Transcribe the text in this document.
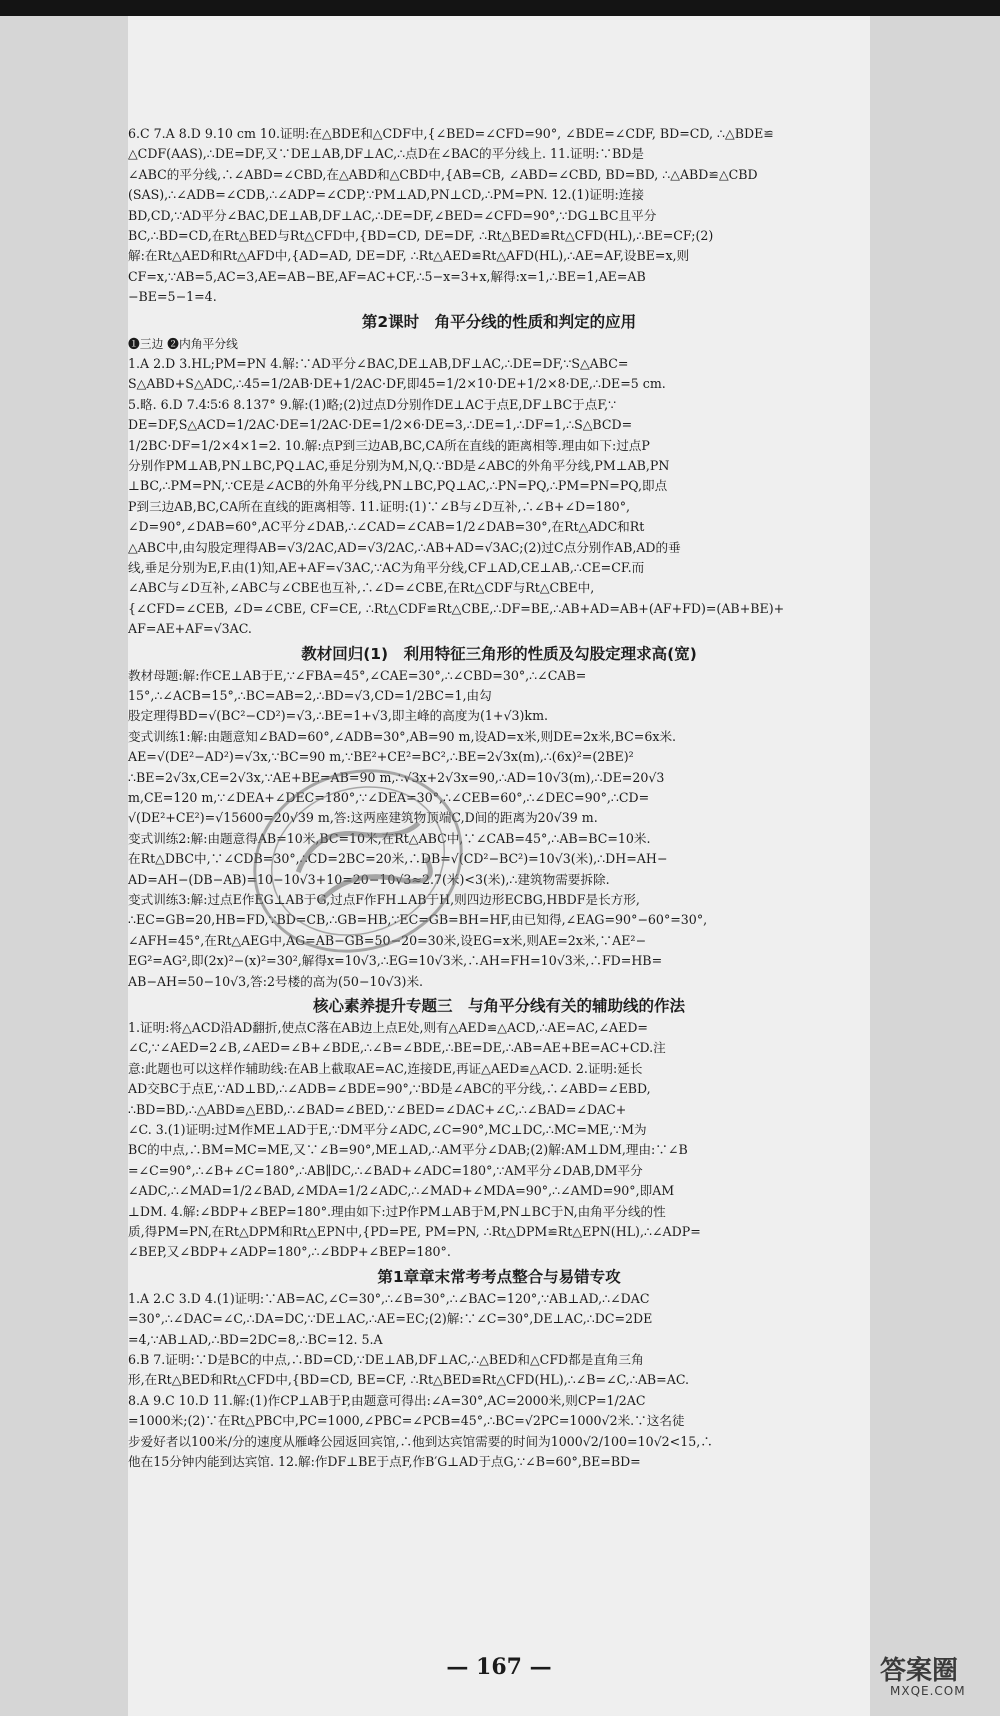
6.C 7.A 8.D 9.10 cm 10.证明:在△BDE和△CDF中,{∠BED=∠CFD=90°, ∠BDE=∠CDF, BD=CD, ∴△BDE≌
△CDF(AAS),∴DE=DF,又∵DE⊥AB,DF⊥AC,∴点D在∠BAC的平分线上. 11.证明:∵BD是
∠ABC的平分线,∴∠ABD=∠CBD,在△ABD和△CBD中,{AB=CB, ∠ABD=∠CBD, BD=BD, ∴△ABD≌△CBD
(SAS),∴∠ADB=∠CDB,∴∠ADP=∠CDP,∵PM⊥AD,PN⊥CD,∴PM=PN. 12.(1)证明:连接
BD,CD,∵AD平分∠BAC,DE⊥AB,DF⊥AC,∴DE=DF,∠BED=∠CFD=90°,∵DG⊥BC且平分
BC,∴BD=CD,在Rt△BED与Rt△CFD中,{BD=CD, DE=DF, ∴Rt△BED≌Rt△CFD(HL),∴BE=CF;(2)
解:在Rt△AED和Rt△AFD中,{AD=AD, DE=DF, ∴Rt△AED≌Rt△AFD(HL),∴AE=AF,设BE=x,则
CF=x,∵AB=5,AC=3,AE=AB−BE,AF=AC+CF,∴5−x=3+x,解得:x=1,∴BE=1,AE=AB
−BE=5−1=4.
第2课时　角平分线的性质和判定的应用
❶三边 ❷内角平分线
1.A 2.D 3.HL;PM=PN 4.解:∵AD平分∠BAC,DE⊥AB,DF⊥AC,∴DE=DF,∵S△ABC=
S△ABD+S△ADC,∴45=1/2AB·DE+1/2AC·DF,即45=1/2×10·DE+1/2×8·DE,∴DE=5 cm.
5.略. 6.D 7.4∶5∶6 8.137° 9.解:(1)略;(2)过点D分别作DE⊥AC于点E,DF⊥BC于点F,∵
DE=DF,S△ACD=1/2AC·DE=1/2AC·DE=1/2×6·DE=3,∴DE=1,∴DF=1,∴S△BCD=
1/2BC·DF=1/2×4×1=2. 10.解:点P到三边AB,BC,CA所在直线的距离相等.理由如下:过点P
分别作PM⊥AB,PN⊥BC,PQ⊥AC,垂足分别为M,N,Q.∵BD是∠ABC的外角平分线,PM⊥AB,PN
⊥BC,∴PM=PN,∵CE是∠ACB的外角平分线,PN⊥BC,PQ⊥AC,∴PN=PQ,∴PM=PN=PQ,即点
P到三边AB,BC,CA所在直线的距离相等. 11.证明:(1)∵∠B与∠D互补,∴∠B+∠D=180°,
∠D=90°,∠DAB=60°,AC平分∠DAB,∴∠CAD=∠CAB=1/2∠DAB=30°,在Rt△ADC和Rt
△ABC中,由勾股定理得AB=√3/2AC,AD=√3/2AC,∴AB+AD=√3AC;(2)过C点分别作AB,AD的垂
线,垂足分别为E,F.由(1)知,AE+AF=√3AC,∵AC为角平分线,CF⊥AD,CE⊥AB,∴CE=CF.而
∠ABC与∠D互补,∠ABC与∠CBE也互补,∴∠D=∠CBE,在Rt△CDF与Rt△CBE中,
{∠CFD=∠CEB, ∠D=∠CBE, CF=CE, ∴Rt△CDF≌Rt△CBE,∴DF=BE,∴AB+AD=AB+(AF+FD)=(AB+BE)+
AF=AE+AF=√3AC.
教材回归(1)　利用特征三角形的性质及勾股定理求高(宽)
教材母题:解:作CE⊥AB于E,∵∠FBA=45°,∠CAE=30°,∴∠CBD=30°,∴∠CAB=
15°,∴∠ACB=15°,∴BC=AB=2,∴BD=√3,CD=1/2BC=1,由勾
股定理得BD=√(BC²−CD²)=√3,∴BE=1+√3,即主峰的高度为(1+√3)km.
变式训练1:解:由题意知∠BAD=60°,∠ADB=30°,AB=90 m,设AD=x米,则DE=2x米,BC=6x米.
AE=√(DE²−AD²)=√3x,∵BC=90 m,∵BE²+CE²=BC²,∴BE=2√3x(m),∴(6x)²=(2BE)²
∴BE=2√3x,CE=2√3x,∵AE+BE=AB=90 m,∴√3x+2√3x=90,∴AD=10√3(m),∴DE=20√3
m,CE=120 m,∵∠DEA+∠DEC=180°,∵∠DEA=30°,∴∠CEB=60°,∴∠DEC=90°,∴CD=
√(DE²+CE²)=√15600=20√39 m,答:这两座建筑物顶端C,D间的距离为20√39 m.
变式训练2:解:由题意得AB=10米,BC=10米,在Rt△ABC中,∵∠CAB=45°,∴AB=BC=10米.
在Rt△DBC中,∵∠CDB=30°,∴CD=2BC=20米,∴DB=√(CD²−BC²)=10√3(米),∴DH=AH−
AD=AH−(DB−AB)=10−10√3+10=20−10√3≈2.7(米)<3(米),∴建筑物需要拆除.
变式训练3:解:过点E作EG⊥AB于G,过点F作FH⊥AB于H,则四边形ECBG,HBDF是长方形,
∴EC=GB=20,HB=FD,∵BD=CB,∴GB=HB,∵EC=GB=BH=HF,由已知得,∠EAG=90°−60°=30°,
∠AFH=45°,在Rt△AEG中,AG=AB−GB=50−20=30米,设EG=x米,则AE=2x米,∵AE²−
EG²=AG²,即(2x)²−(x)²=30²,解得x=10√3,∴EG=10√3米,∴AH=FH=10√3米,∴FD=HB=
AB−AH=50−10√3,答:2号楼的高为(50−10√3)米.
核心素养提升专题三　与角平分线有关的辅助线的作法
1.证明:将△ACD沿AD翻折,使点C落在AB边上点E处,则有△AED≌△ACD,∴AE=AC,∠AED=
∠C,∵∠AED=2∠B,∠AED=∠B+∠BDE,∴∠B=∠BDE,∴BE=DE,∴AB=AE+BE=AC+CD.注
意:此题也可以这样作辅助线:在AB上截取AE=AC,连接DE,再证△AED≌△ACD. 2.证明:延长
AD交BC于点E,∵AD⊥BD,∴∠ADB=∠BDE=90°,∵BD是∠ABC的平分线,∴∠ABD=∠EBD,
∴BD=BD,∴△ABD≌△EBD,∴∠BAD=∠BED,∵∠BED=∠DAC+∠C,∴∠BAD=∠DAC+
∠C. 3.(1)证明:过M作ME⊥AD于E,∵DM平分∠ADC,∠C=90°,MC⊥DC,∴MC=ME,∵M为
BC的中点,∴BM=MC=ME,又∵∠B=90°,ME⊥AD,∴AM平分∠DAB;(2)解:AM⊥DM,理由:∵∠B
=∠C=90°,∴∠B+∠C=180°,∴AB∥DC,∴∠BAD+∠ADC=180°,∵AM平分∠DAB,DM平分
∠ADC,∴∠MAD=1/2∠BAD,∠MDA=1/2∠ADC,∴∠MAD+∠MDA=90°,∴∠AMD=90°,即AM
⊥DM. 4.解:∠BDP+∠BEP=180°.理由如下:过P作PM⊥AB于M,PN⊥BC于N,由角平分线的性
质,得PM=PN,在Rt△DPM和Rt△EPN中,{PD=PE, PM=PN, ∴Rt△DPM≌Rt△EPN(HL),∴∠ADP=
∠BEP,又∠BDP+∠ADP=180°,∴∠BDP+∠BEP=180°.
第1章章末常考考点整合与易错专攻
1.A 2.C 3.D 4.(1)证明:∵AB=AC,∠C=30°,∴∠B=30°,∴∠BAC=120°,∵AB⊥AD,∴∠DAC
=30°,∴∠DAC=∠C,∴DA=DC,∵DE⊥AC,∴AE=EC;(2)解:∵∠C=30°,DE⊥AC,∴DC=2DE
=4,∵AB⊥AD,∴BD=2DC=8,∴BC=12. 5.A
6.B 7.证明:∵D是BC的中点,∴BD=CD,∵DE⊥AB,DF⊥AC,∴△BED和△CFD都是直角三角
形,在Rt△BED和Rt△CFD中,{BD=CD, BE=CF, ∴Rt△BED≌Rt△CFD(HL),∴∠B=∠C,∴AB=AC.
8.A 9.C 10.D 11.解:(1)作CP⊥AB于P,由题意可得出:∠A=30°,AC=2000米,则CP=1/2AC
=1000米;(2)∵在Rt△PBC中,PC=1000,∠PBC=∠PCB=45°,∴BC=√2PC=1000√2米.∵这名徒
步爱好者以100米/分的速度从雁峰公园返回宾馆,∴他到达宾馆需要的时间为1000√2/100=10√2<15,∴
他在15分钟内能到达宾馆. 12.解:作DF⊥BE于点F,作B′G⊥AD于点G,∵∠B=60°,BE=BD=
— 167 —	答案圈
MXQE.COM
